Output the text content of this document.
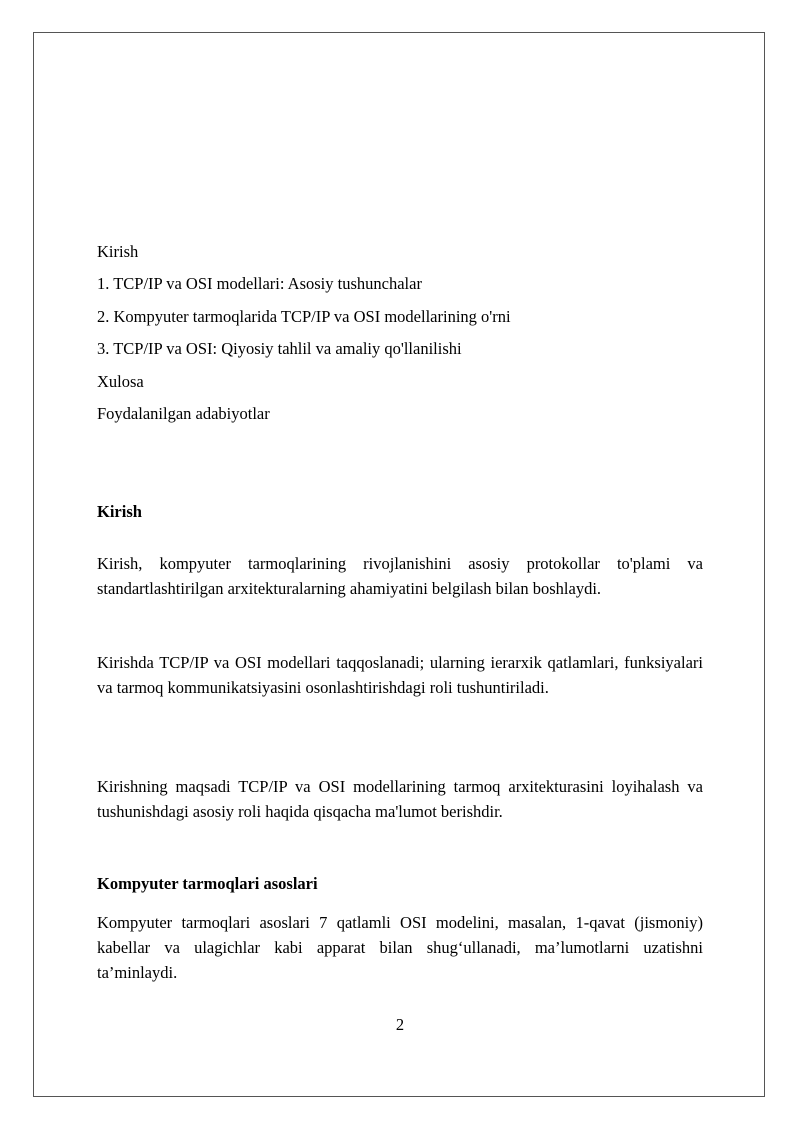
Kirish
1. TCP/IP va OSI modellari: Asosiy tushunchalar
2. Kompyuter tarmoqlarida TCP/IP va OSI modellarining o'rni
3. TCP/IP va OSI: Qiyosiy tahlil va amaliy qo'llanilishi
Xulosa
Foydalanilgan adabiyotlar
Kirish

Kirish, kompyuter tarmoqlarining rivojlanishini asosiy protokollar to'plami va standartlashtirilgan arxitekturalarning ahamiyatini belgilash bilan boshlaydi.

Kirishda TCP/IP va OSI modellari taqqoslanadi; ularning ierarxik qatlamlari, funksiyalari va tarmoq kommunikatsiyasini osonlashtirishdagi roli tushuntiriladi.

Kirishning maqsadi TCP/IP va OSI modellarining tarmoq arxitekturasini loyihalash va tushunishdagi asosiy roli haqida qisqacha ma'lumot berishdir.

Kompyuter tarmoqlari asoslari

Kompyuter tarmoqlari asoslari 7 qatlamli OSI modelini, masalan, 1-qavat (jismoniy) kabellar va ulagichlar kabi apparat bilan shug‘ullanadi, ma’lumotlarni uzatishni ta’minlaydi.

2
